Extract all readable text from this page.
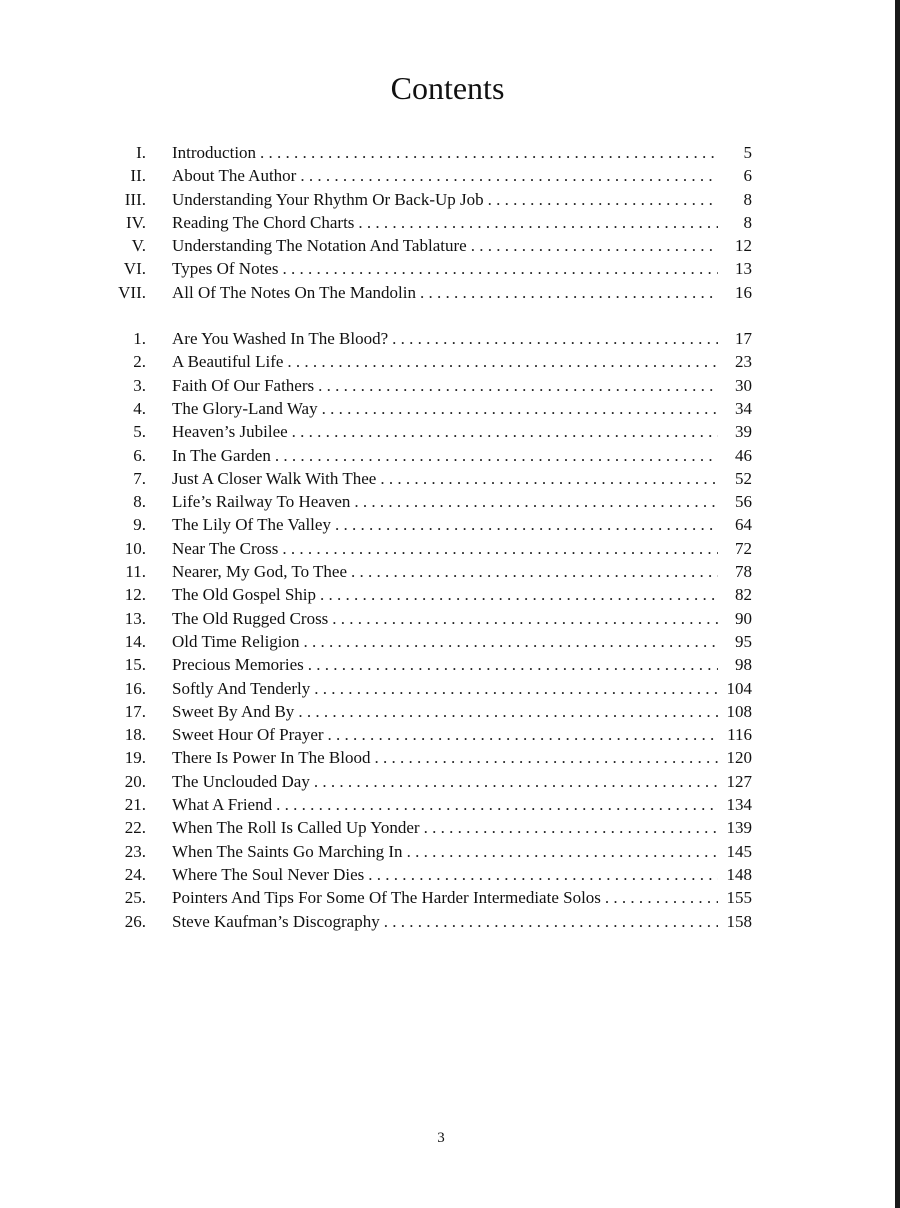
Contents
I. Introduction . . .	5
II. About The Author . . .	6
III. Understanding Your Rhythm Or Back-Up Job . . .	8
IV. Reading The Chord Charts . . .	8
V. Understanding The Notation And Tablature . . .	12
VI. Types Of Notes . . .	13
VII. All Of The Notes On The Mandolin . . .	16
1. Are You Washed In The Blood? . . .	17
2. A Beautiful Life . . .	23
3. Faith Of Our Fathers . . .	30
4. The Glory-Land Way . . .	34
5. Heaven’s Jubilee . . .	39
6. In The Garden . . .	46
7. Just A Closer Walk With Thee . . .	52
8. Life’s Railway To Heaven . . .	56
9. The Lily Of The Valley . . .	64
10. Near The Cross . . .	72
11. Nearer, My God, To Thee . . .	78
12. The Old Gospel Ship . . .	82
13. The Old Rugged Cross . . .	90
14. Old Time Religion . . .	95
15. Precious Memories . . .	98
16. Softly And Tenderly . . .	104
17. Sweet By And By . . .	108
18. Sweet Hour Of Prayer . . .	116
19. There Is Power In The Blood . . .	120
20. The Unclouded Day . . .	127
21. What A Friend . . .	134
22. When The Roll Is Called Up Yonder . . .	139
23. When The Saints Go Marching In . . .	145
24. Where The Soul Never Dies . . .	148
25. Pointers And Tips For Some Of The Harder Intermediate Solos . . .	155
26. Steve Kaufman’s Discography . . .	158
3
